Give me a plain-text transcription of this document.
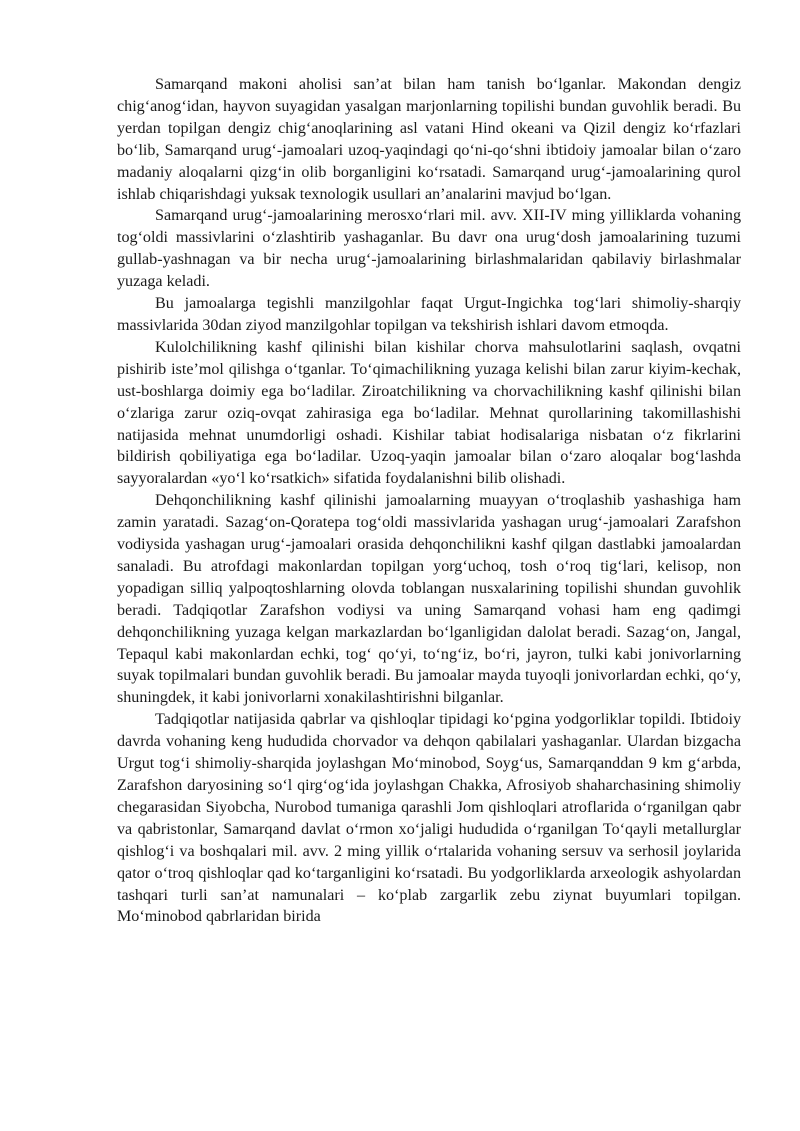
Samarqand makoni aholisi san’at bilan ham tanish bo‘lganlar. Makondan dengiz chig‘anog‘idan, hayvon suyagidan yasalgan marjonlarning topilishi bundan guvohlik beradi. Bu yerdan topilgan dengiz chig‘anoqlarining asl vatani Hind okeani va Qizil dengiz ko‘rfazlari bo‘lib, Samarqand urug‘-jamoalari uzoq-yaqindagi qo‘ni-qo‘shni ibtidoiy jamoalar bilan o‘zaro madaniy aloqalarni qizg‘in olib borganligini ko‘rsatadi. Samarqand urug‘-jamoalarining qurol ishlab chiqarishdagi yuksak texnologik usullari an’analarini mavjud bo‘lgan.

Samarqand urug‘-jamoalarining merosxo‘rlari mil. avv. XII-IV ming yilliklarda vohaning tog‘oldi massivlarini o‘zlashtirib yashaganlar. Bu davr ona urug‘dosh jamoalarining tuzumi gullab-yashnagan va bir necha urug‘-jamoalarining birlashmalaridan qabilaviy birlashmalar yuzaga keladi.

Bu jamoalarga tegishli manzilgohlar faqat Urgut-Ingichka tog‘lari shimoliy-sharqiy massivlarida 30dan ziyod manzilgohlar topilgan va tekshirish ishlari davom etmoqda.

Kulolchilikning kashf qilinishi bilan kishilar chorva mahsulotlarini saqlash, ovqatni pishirib iste’mol qilishga o‘tganlar. To‘qimachilikning yuzaga kelishi bilan zarur kiyim-kechak, ust-boshlarga doimiy ega bo‘ladilar. Ziroatchilikning va chorvachilikning kashf qilinishi bilan o‘zlariga zarur oziq-ovqat zahirasiga ega bo‘ladilar. Mehnat qurollarining takomillashishi natijasida mehnat unumdorligi oshadi. Kishilar tabiat hodisalariga nisbatan o‘z fikrlarini bildirish qobiliyatiga ega bo‘ladilar. Uzoq-yaqin jamoalar bilan o‘zaro aloqalar bog‘lashda sayyoralardan «yo‘l ko‘rsatkich» sifatida foydalanishni bilib olishadi.

Dehqonchilikning kashf qilinishi jamoalarning muayyan o‘troqlashib yashashiga ham zamin yaratadi. Sazag‘on-Qoratepa tog‘oldi massivlarida yashagan urug‘-jamoalari Zarafshon vodiysida yashagan urug‘-jamoalari orasida dehqonchilikni kashf qilgan dastlabki jamoalardan sanaladi. Bu atrofdagi makonlardan topilgan yorg‘uchoq, tosh o‘roq tig‘lari, kelisop, non yopadigan silliq yalpoqtoshlarning olovda toblangan nusxalarining topilishi shundan guvohlik beradi. Tadqiqotlar Zarafshon vodiysi va uning Samarqand vohasi ham eng qadimgi dehqonchilikning yuzaga kelgan markazlardan bo‘lganligidan dalolat beradi. Sazag‘on, Jangal, Tepaqul kabi makonlardan echki, tog‘ qo‘yi, to‘ng‘iz, bo‘ri, jayron, tulki kabi jonivorlarning suyak topilmalari bundan guvohlik beradi. Bu jamoalar mayda tuyoqli jonivorlardan echki, qo‘y, shuningdek, it kabi jonivorlarni xonakilashtirishni bilganlar.

Tadqiqotlar natijasida qabrlar va qishloqlar tipidagi ko‘pgina yodgorliklar topildi. Ibtidoiy davrda vohaning keng hududida chorvador va dehqon qabilalari yashaganlar. Ulardan bizgacha Urgut tog‘i shimoliy-sharqida joylashgan Mo‘minobod, Soyg‘us, Samarqanddan 9 km g‘arbda, Zarafshon daryosining so‘l qirg‘og‘ida joylashgan Chakka, Afrosiyob shaharchasining shimoliy chegarasidan Siyobcha, Nurobod tumaniga qarashli Jom qishloqlari atroflarida o‘rganilgan qabr va qabristonlar, Samarqand davlat o‘rmon xo‘jaligi hududida o‘rganilgan To‘qayli metallurglar qishlog‘i va boshqalari mil. avv. 2 ming yillik o‘rtalarida vohaning sersuv va serhosil joylarida qator o‘troq qishloqlar qad ko‘targanligini ko‘rsatadi. Bu yodgorliklarda arxeologik ashyolardan tashqari turli san’at namunalari – ko‘plab zargarlik zebu ziynat buyumlari topilgan. Mo‘minobod qabrlaridan birida
